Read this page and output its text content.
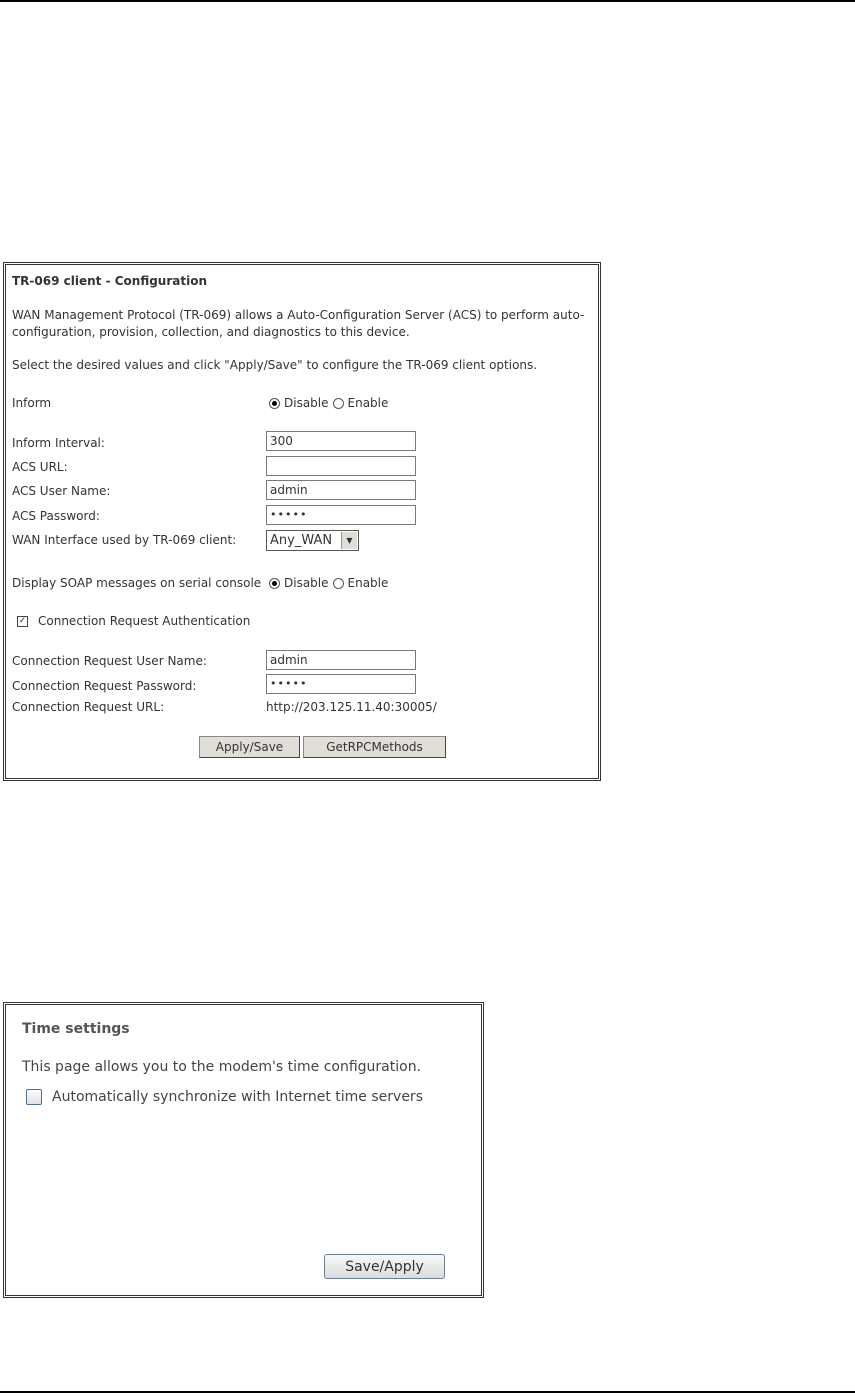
TR-069 client - Configuration
WAN Management Protocol (TR-069) allows a Auto-Configuration Server (ACS) to perform auto-configuration, provision, collection, and diagnostics to this device.
Select the desired values and click "Apply/Save" to configure the TR-069 client options.
Inform	Disable Enable
Inform Interval:	300
ACS URL:
ACS User Name:	admin
ACS Password:	•••••
WAN Interface used by TR-069 client:	Any_WAN	▼
Display SOAP messages on serial console Disable Enable
✓ Connection Request Authentication
Connection Request User Name:	admin
Connection Request Password:	•••••
Connection Request URL:	http://203.125.11.40:30005/
Apply/Save	GetRPCMethods
Time settings
This page allows you to the modem's time configuration.
Automatically synchronize with Internet time servers
Save/Apply
